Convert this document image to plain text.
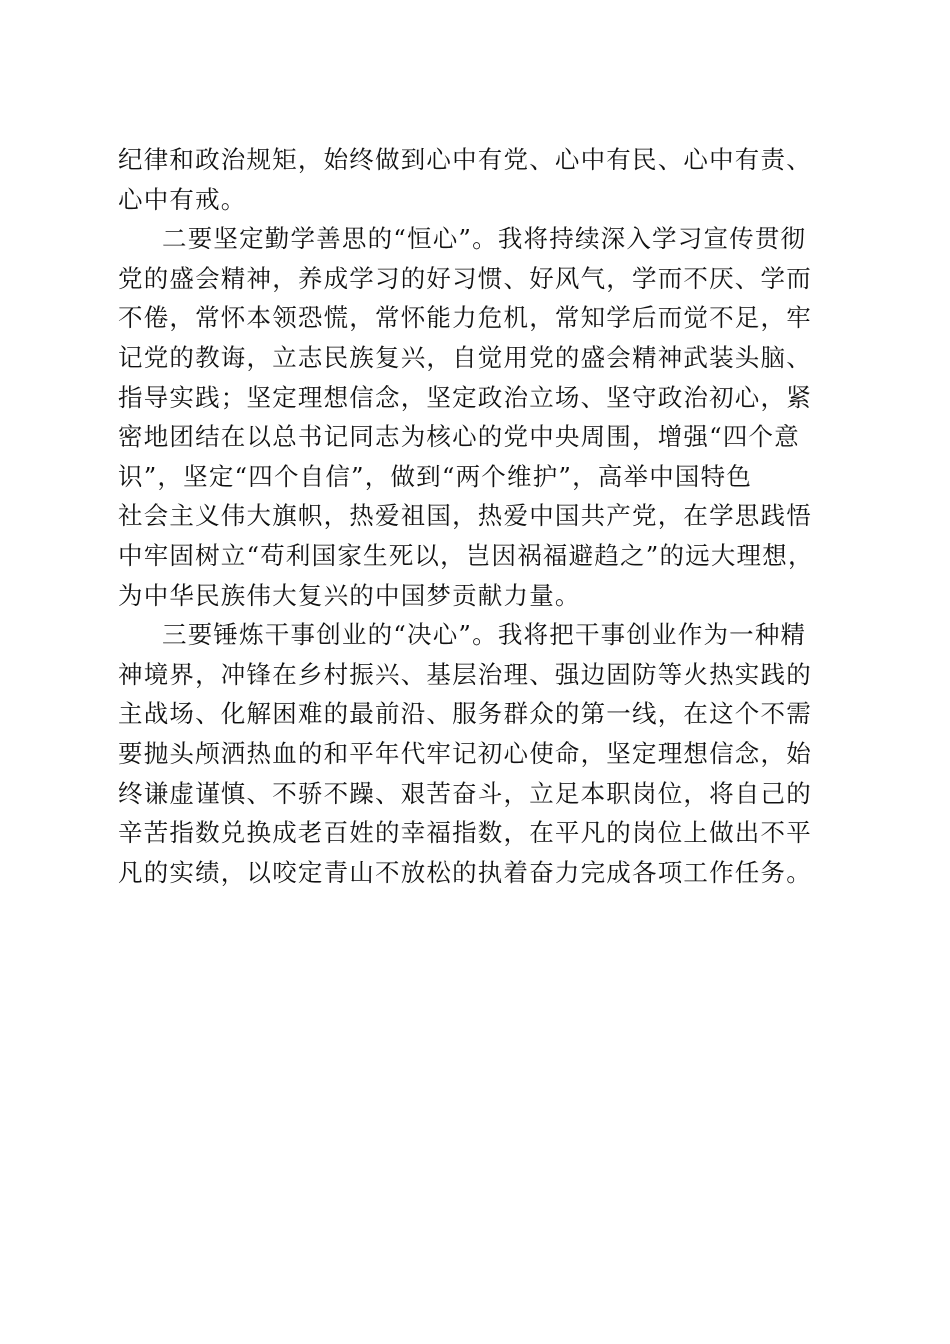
纪律和政治规矩，始终做到心中有党、心中有民、心中有责、
心中有戒。
二要坚定勤学善思的“恒心”。我将持续深入学习宣传贯彻
党的盛会精神，养成学习的好习惯、好风气，学而不厌、学而
不倦，常怀本领恐慌，常怀能力危机，常知学后而觉不足，牢
记党的教诲，立志民族复兴，自觉用党的盛会精神武装头脑、
指导实践；坚定理想信念，坚定政治立场、坚守政治初心，紧
密地团结在以总书记同志为核心的党中央周围，增强“四个意
识”，坚定“四个自信”，做到“两个维护”，高举中国特色
社会主义伟大旗帜，热爱祖国，热爱中国共产党，在学思践悟
中牢固树立“苟利国家生死以，岂因祸福避趋之”的远大理想，
为中华民族伟大复兴的中国梦贡献力量。
三要锤炼干事创业的“决心”。我将把干事创业作为一种精
神境界，冲锋在乡村振兴、基层治理、强边固防等火热实践的
主战场、化解困难的最前沿、服务群众的第一线，在这个不需
要抛头颅洒热血的和平年代牢记初心使命，坚定理想信念，始
终谦虚谨慎、不骄不躁、艰苦奋斗，立足本职岗位，将自己的
辛苦指数兑换成老百姓的幸福指数，在平凡的岗位上做出不平
凡的实绩，以咬定青山不放松的执着奋力完成各项工作任务。
